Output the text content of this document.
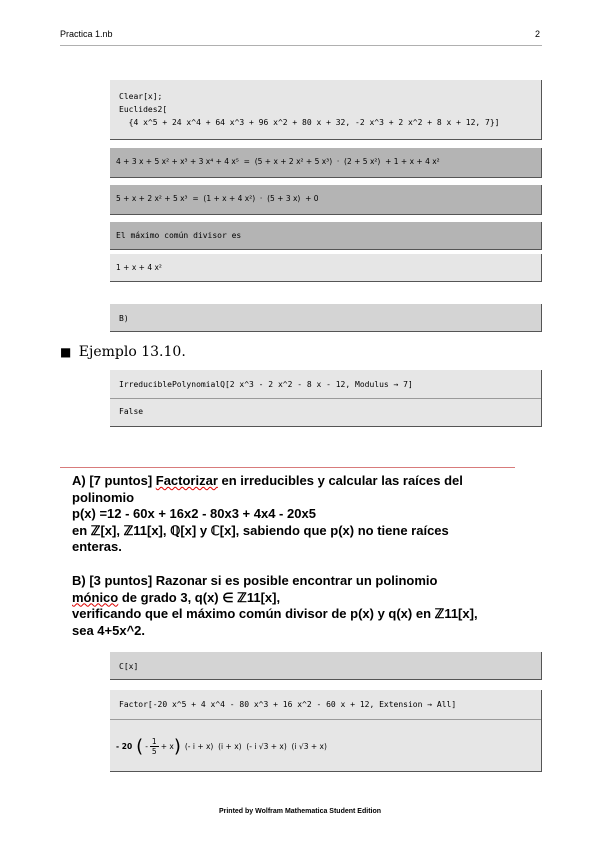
Practica 1.nb	2
Clear[x];
Euclides2[
{4 x^5 + 24 x^4 + 64 x^3 + 96 x^2 + 80 x + 32, -2 x^3 + 2 x^2 + 8 x + 12, 7}]
4 + 3 x + 5 x² + x³ + 3 x⁴ + 4 x⁵  =  (5 + x + 2 x² + 5 x³)  ·  (2 + 5 x²)  + 1 + x + 4 x²
5 + x + 2 x² + 5 x³  =  (1 + x + 4 x²)  ·  (5 + 3 x)  + 0
El máximo común divisor es
1 + x + 4 x²
B)
■ Ejemplo 13.10.
IrreduciblePolynomialQ[2 x^3 - 2 x^2 - 8 x - 12, Modulus → 7]
False
A) [7 puntos] Factorizar en irreducibles y calcular las raíces del
polinomio
p(x) =12 - 60x + 16x2 - 80x3 + 4x4 - 20x5
en ℤ[x], ℤ11[x], ℚ[x] y ℂ[x], sabiendo que p(x) no tiene raíces
enteras.
B) [3 puntos] Razonar si es posible encontrar un polinomio
mónico de grado 3, q(x) ∈ ℤ11[x],
verificando que el máximo común divisor de p(x) y q(x) en ℤ11[x],
sea 4+5x^2.
C[x]
Factor[-20 x^5 + 4 x^4 - 80 x^3 + 16 x^2 - 60 x + 12, Extension → All]
- 20 ( - $\frac{1}{5} + x$ ) (- i + x)  (i + x)  (- i √3 + x)  (i √3 + x)
Printed by Wolfram Mathematica Student Edition
